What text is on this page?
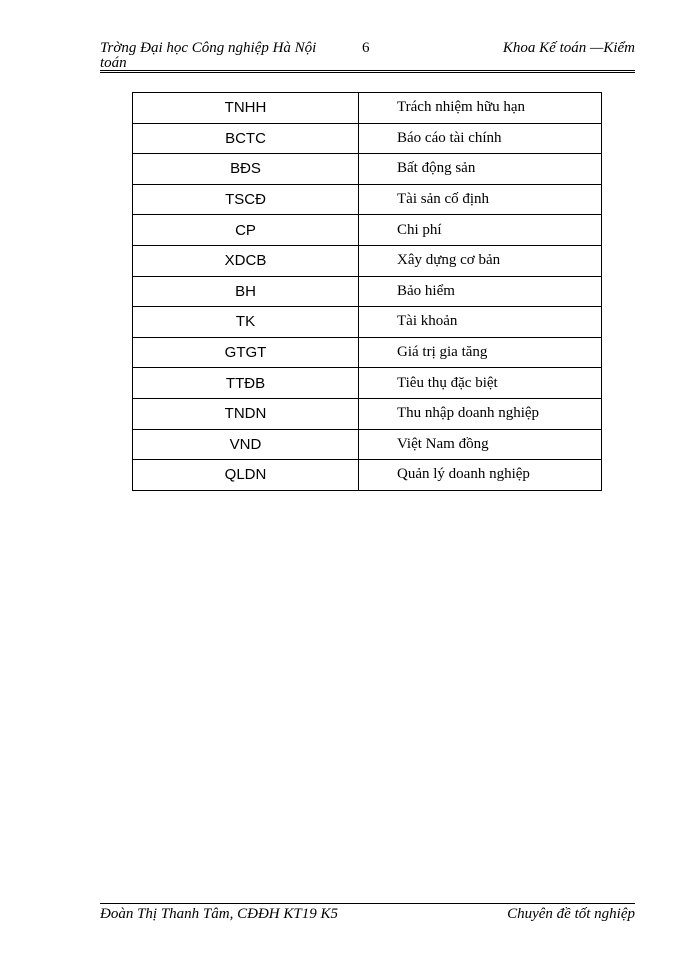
Trờng Đại học Công nghiệp Hà Nội	6	Khoa Kế toán —Kiểm
toán
TNHH	Trách nhiệm hữu hạn
BCTC	Báo cáo tài chính
BĐS	Bất động sản
TSCĐ	Tài sản cố định
CP	Chi phí
XDCB	Xây dựng cơ bản
BH	Bảo hiểm
TK	Tài khoản
GTGT	Giá trị gia tăng
TTĐB	Tiêu thụ đặc biệt
TNDN	Thu nhập doanh nghiệp
VND	Việt Nam đồng
QLDN	Quản lý doanh nghiệp
Đoàn Thị Thanh Tâm, CĐĐH KT19 K5	Chuyên đề tốt nghiệp
